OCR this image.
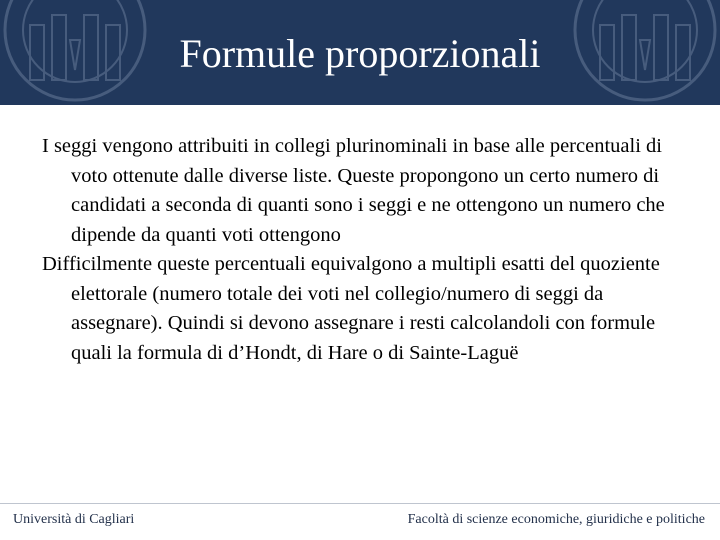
Formule proporzionali

I seggi vengono attribuiti in collegi plurinominali in base alle percentuali di voto ottenute dalle diverse liste. Queste propongono un certo numero di candidati a seconda di quanti sono i seggi e ne ottengono un numero che dipende da quanti voti ottengono

Difficilmente queste percentuali equivalgono a multipli esatti del quoziente elettorale (numero totale dei voti nel collegio/numero di seggi da assegnare). Quindi si devono assegnare i resti calcolandoli con formule quali la formula di d’Hondt, di Hare o di Sainte-Laguë

Università di Cagliari	Facoltà di scienze economiche, giuridiche e politiche
